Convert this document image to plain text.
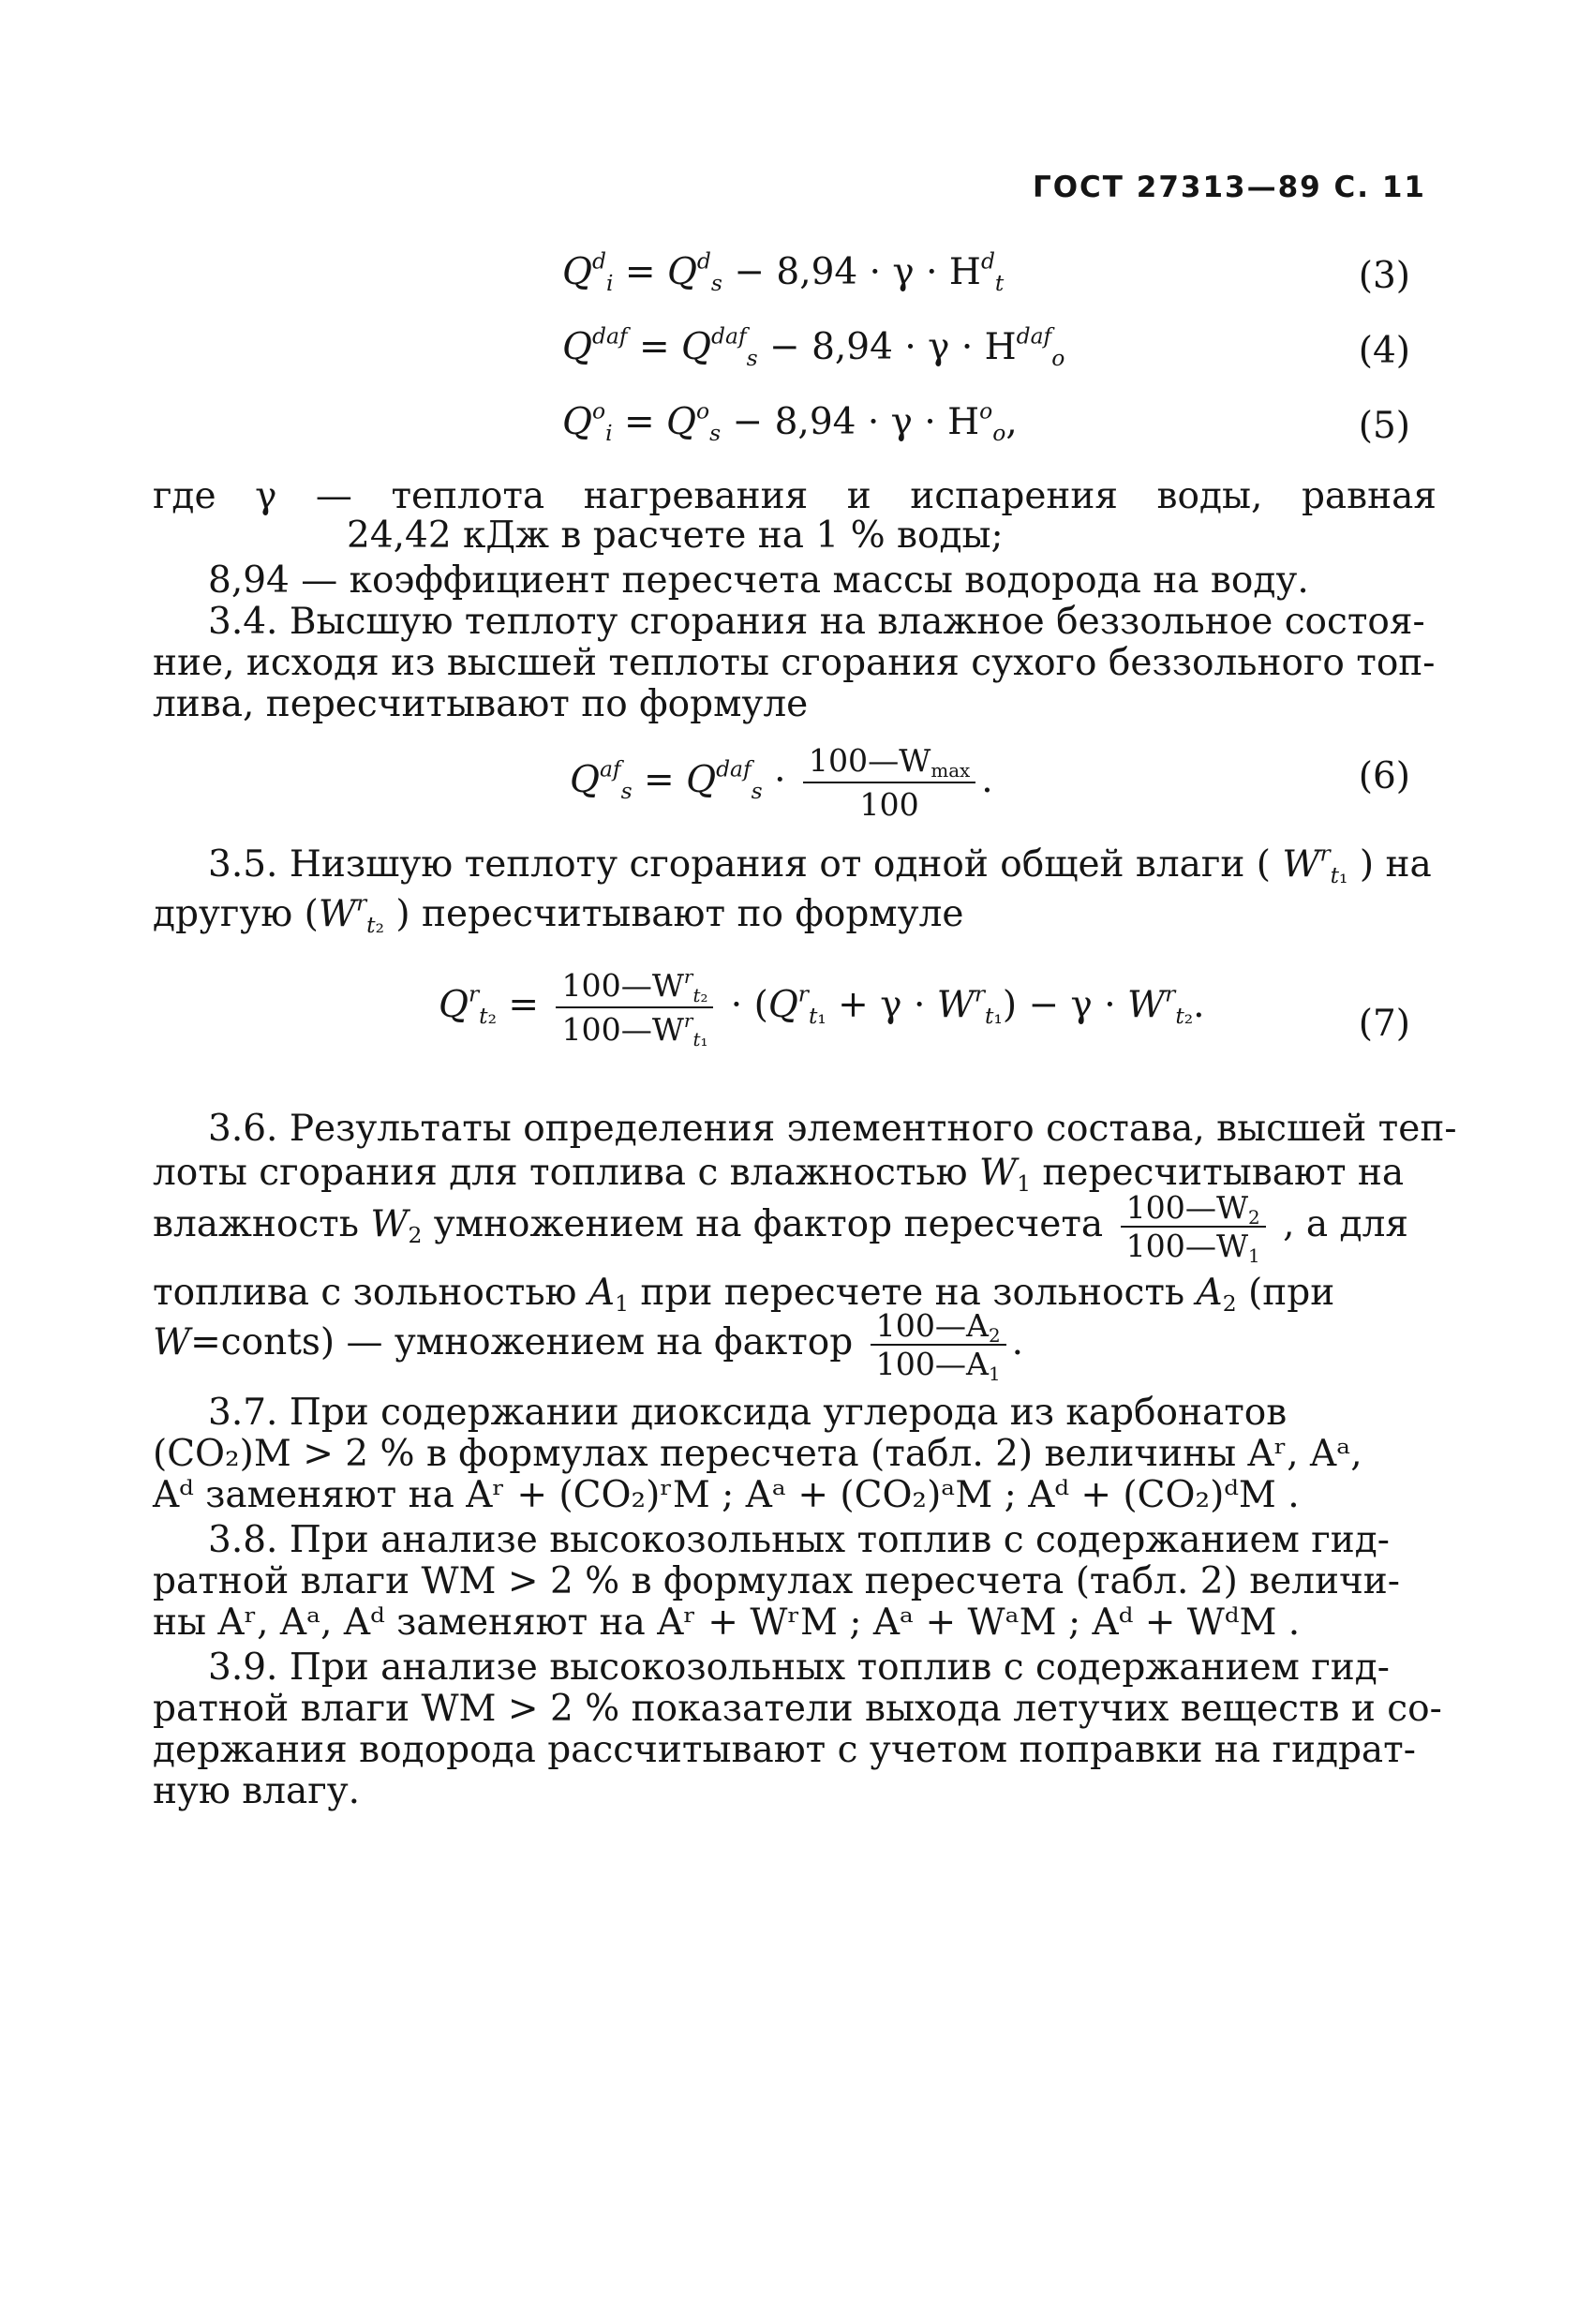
ГОСТ 27313—89 С. 11
$Q^d_i = Q^d_s - 8,94 \cdot \gamma \cdot H^d_t$	(3)
$Q^{daf} = Q^{daf}_s - 8,94 \cdot \gamma \cdot H^{daf}_o$	(4)
$Q^o_i = Q^o_s - 8,94 \cdot \gamma \cdot H^o_o$,	(5)
где γ — теплота нагревания и испарения воды, равная
24,42 кДж в расчете на 1 % воды;
8,94 — коэффициент пересчета массы водорода на воду.
3.4. Высшую теплоту сгорания на влажное беззольное состоя-
ние, исходя из высшей теплоты сгорания сухого беззольного топ-
лива, пересчитывают по формуле
$Q^{af}_s = Q^{daf}_s \cdot \frac{100—W_{max}}{100}$ .	(6)
3.5. Низшую теплоту сгорания от одной общей влаги ( $W^r_{t_1}$ ) на
другую ($W^r_{t_2}$ ) пересчитывают по формуле
$Q^r_{t_2} = \frac{100—W^r_{t_2}}{100—W^r_{t_1}} \cdot (Q^r_{t_1} + \gamma \cdot W^r_{t_1}) - \gamma \cdot W^r_{t_2}$.	(7)
3.6. Результаты определения элементного состава, высшей теп-
лоты сгорания для топлива с влажностью $W_1$ пересчитывают на
влажность $W_2$ умножением на фактор пересчета $\frac{100—W_2}{100—W_1}$ , а для
топлива с зольностью $A_1$ при пересчете на зольность $A_2$ (при
W=conts) — умножением на фактор $\frac{100—A_2}{100—A_1}$ .
3.7. При содержании диоксида углерода из карбонатов
(CO₂)M > 2 % в формулах пересчета (табл. 2) величины Aʳ, Aᵃ,
Aᵈ заменяют на Aʳ + (CO₂)ʳM ; Aᵃ + (CO₂)ᵃM ; Aᵈ + (CO₂)ᵈM .
3.8. При анализе высокозольных топлив с содержанием гид-
ратной влаги WM > 2 % в формулах пересчета (табл. 2) величи-
ны Aʳ, Aᵃ, Aᵈ заменяют на Aʳ + WʳM ; Aᵃ + WᵃM ; Aᵈ + WᵈM .
3.9. При анализе высокозольных топлив с содержанием гид-
ратной влаги WM > 2 % показатели выхода летучих веществ и со-
держания водорода рассчитывают с учетом поправки на гидрат-
ную влагу.
